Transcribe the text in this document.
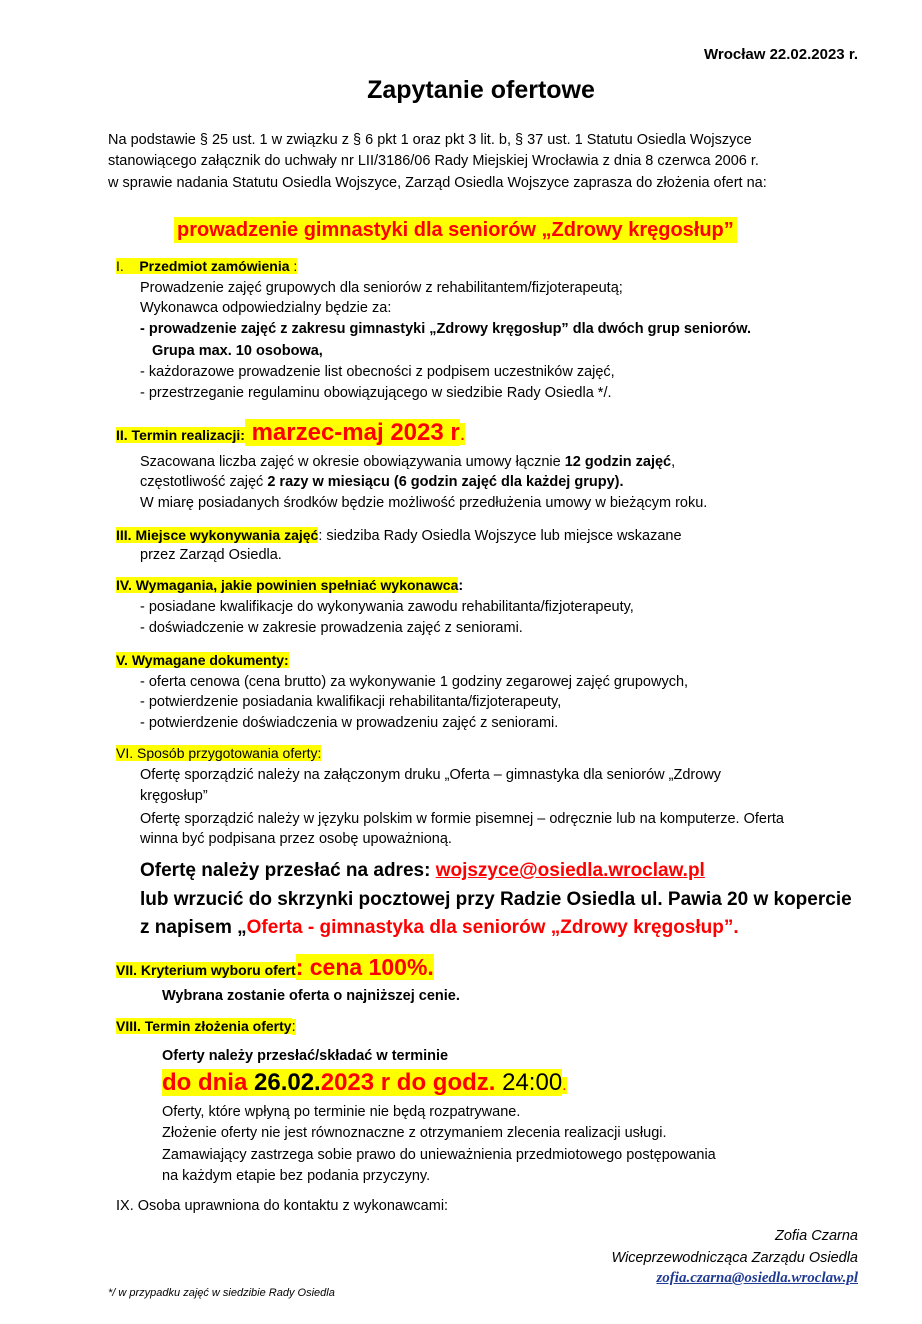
Wrocław 22.02.2023 r.
Zapytanie ofertowe
Na podstawie § 25 ust. 1 w związku z § 6 pkt 1 oraz pkt 3 lit. b, § 37 ust. 1 Statutu Osiedla Wojszyce
stanowiącego załącznik do uchwały nr LII/3186/06 Rady Miejskiej Wrocławia z dnia 8 czerwca 2006 r.
w sprawie nadania Statutu Osiedla Wojszyce, Zarząd Osiedla Wojszyce zaprasza do złożenia ofert na:
prowadzenie gimnastyki dla seniorów „Zdrowy kręgosłup”
I. Przedmiot zamówienia :
Prowadzenie zajęć grupowych dla seniorów z rehabilitantem/fizjoterapeutą;
Wykonawca odpowiedzialny będzie za:
- prowadzenie zajęć z zakresu gimnastyki „Zdrowy kręgosłup” dla dwóch grup seniorów.
Grupa max. 10 osobowa,
- każdorazowe prowadzenie list obecności z podpisem uczestników zajęć,
- przestrzeganie regulaminu obowiązującego w siedzibie Rady Osiedla */.
II. Termin realizacji: marzec-maj 2023 r.
Szacowana liczba zajęć w okresie obowiązywania umowy łącznie 12 godzin zajęć,
częstotliwość zajęć 2 razy w miesiącu (6 godzin zajęć dla każdej grupy).
W miarę posiadanych środków będzie możliwość przedłużenia umowy w bieżącym roku.
III. Miejsce wykonywania zajęć: siedziba Rady Osiedla Wojszyce lub miejsce wskazane
przez Zarząd Osiedla.
IV. Wymagania, jakie powinien spełniać wykonawca:
- posiadane kwalifikacje do wykonywania zawodu rehabilitanta/fizjoterapeuty,
- doświadczenie w zakresie prowadzenia zajęć z seniorami.
V. Wymagane dokumenty:
- oferta cenowa (cena brutto) za wykonywanie 1 godziny zegarowej zajęć grupowych,
- potwierdzenie posiadania kwalifikacji rehabilitanta/fizjoterapeuty,
- potwierdzenie doświadczenia w prowadzeniu zajęć z seniorami.
VI. Sposób przygotowania oferty:
Ofertę sporządzić należy na załączonym druku „Oferta – gimnastyka dla seniorów „Zdrowy
kręgosłup”
Ofertę sporządzić należy w języku polskim w formie pisemnej – odręcznie lub na komputerze. Oferta
winna być podpisana przez osobę upoważnioną.
Ofertę należy przesłać na adres: wojszyce@osiedla.wroclaw.pl
lub wrzucić do skrzynki pocztowej przy Radzie Osiedla ul. Pawia 20 w kopercie
z napisem „Oferta - gimnastyka dla seniorów „Zdrowy kręgosłup”.
VII. Kryterium wyboru ofert: cena 100%.
Wybrana zostanie oferta o najniższej cenie.
VIII. Termin złożenia oferty:
Oferty należy przesłać/składać w terminie
do dnia 26.02.2023 r do godz. 24:00.
Oferty, które wpłyną po terminie nie będą rozpatrywane.
Złożenie oferty nie jest równoznaczne z otrzymaniem zlecenia realizacji usługi.
Zamawiający zastrzega sobie prawo do unieważnienia przedmiotowego postępowania
na każdym etapie bez podania przyczyny.
IX. Osoba uprawniona do kontaktu z wykonawcami:
Zofia Czarna
Wiceprzewodnicząca Zarządu Osiedla
zofia.czarna@osiedla.wroclaw.pl
*/ w przypadku zajęć w siedzibie Rady Osiedla
